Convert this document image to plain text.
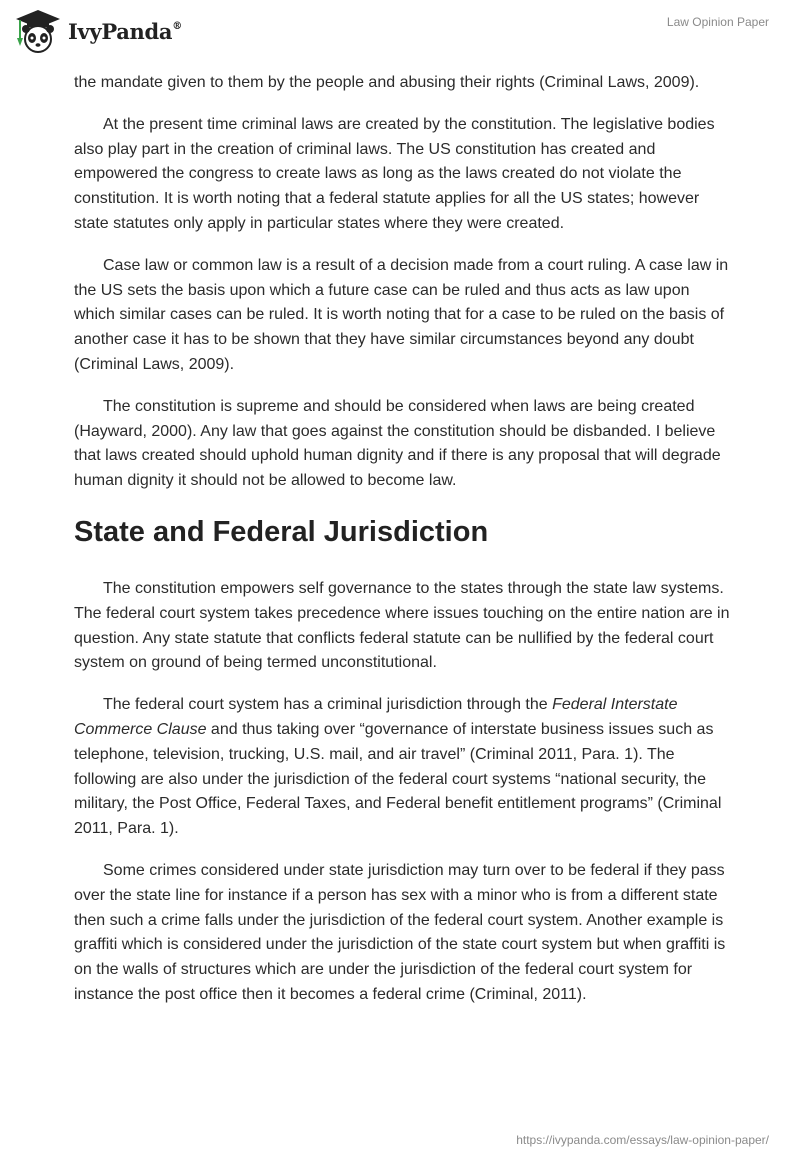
IvyPanda®	Law Opinion Paper

the mandate given to them by the people and abusing their rights (Criminal Laws, 2009).

At the present time criminal laws are created by the constitution. The legislative bodies also play part in the creation of criminal laws. The US constitution has created and empowered the congress to create laws as long as the laws created do not violate the constitution. It is worth noting that a federal statute applies for all the US states; however state statutes only apply in particular states where they were created.

Case law or common law is a result of a decision made from a court ruling. A case law in the US sets the basis upon which a future case can be ruled and thus acts as law upon which similar cases can be ruled. It is worth noting that for a case to be ruled on the basis of another case it has to be shown that they have similar circumstances beyond any doubt (Criminal Laws, 2009).

The constitution is supreme and should be considered when laws are being created (Hayward, 2000). Any law that goes against the constitution should be disbanded. I believe that laws created should uphold human dignity and if there is any proposal that will degrade human dignity it should not be allowed to become law.

State and Federal Jurisdiction

The constitution empowers self governance to the states through the state law systems. The federal court system takes precedence where issues touching on the entire nation are in question. Any state statute that conflicts federal statute can be nullified by the federal court system on ground of being termed unconstitutional.

The federal court system has a criminal jurisdiction through the Federal Interstate Commerce Clause and thus taking over “governance of interstate business issues such as telephone, television, trucking, U.S. mail, and air travel” (Criminal 2011, Para. 1). The following are also under the jurisdiction of the federal court systems “national security, the military, the Post Office, Federal Taxes, and Federal benefit entitlement programs” (Criminal 2011, Para. 1).

Some crimes considered under state jurisdiction may turn over to be federal if they pass over the state line for instance if a person has sex with a minor who is from a different state then such a crime falls under the jurisdiction of the federal court system. Another example is graffiti which is considered under the jurisdiction of the state court system but when graffiti is on the walls of structures which are under the jurisdiction of the federal court system for instance the post office then it becomes a federal crime (Criminal, 2011).

https://ivypanda.com/essays/law-opinion-paper/
